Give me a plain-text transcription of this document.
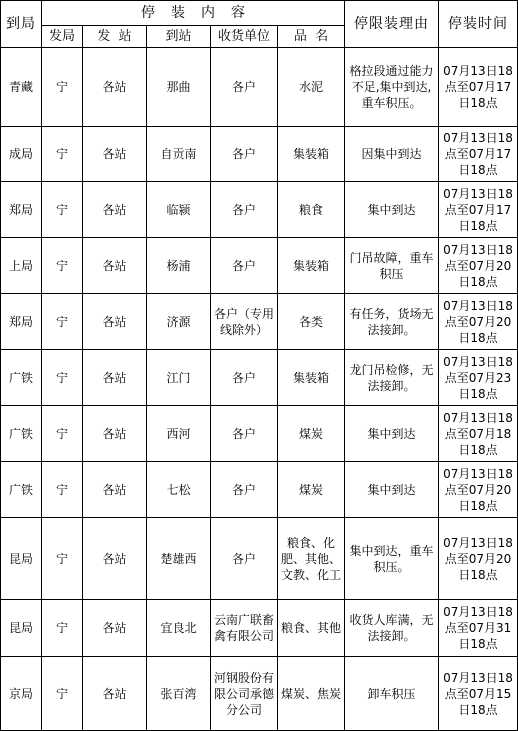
到局	停 装 内 容					停限装理由	停装时间
	发局	发  站	到站	收货单位	品  名		
青藏	宁	各站	那曲	各户	水泥	格拉段通过能力不足,集中到达,重车积压。	07月13日18点至07月17日18点
成局	宁	各站	自贡南	各户	集装箱	因集中到达	07月13日18点至07月17日18点
郑局	宁	各站	临颍	各户	粮食	集中到达	07月13日18点至07月17日18点
上局	宁	各站	杨浦	各户	集装箱	门吊故障，重车积压	07月13日18点至07月20日18点
郑局	宁	各站	济源	各户（专用线除外）	各类	有任务，货场无法接卸。	07月13日18点至07月20日18点
广铁	宁	各站	江门	各户	集装箱	龙门吊检修，无法接卸。	07月13日18点至07月23日18点
广铁	宁	各站	西河	各户	煤炭	集中到达	07月13日18点至07月18日18点
广铁	宁	各站	七松	各户	煤炭	集中到达	07月13日18点至07月20日18点
昆局	宁	各站	楚雄西	各户	粮食、化肥、其他、文教、化工	集中到达，重车积压。	07月13日18点至07月20日18点
昆局	宁	各站	宜良北	云南广联畜禽有限公司	粮食、其他	收货人库满，无法接卸。	07月13日18点至07月31日18点
京局	宁	各站	张百湾	河钢股份有限公司承德分公司	煤炭、焦炭	卸车积压	07月13日18点至07月15日18点
